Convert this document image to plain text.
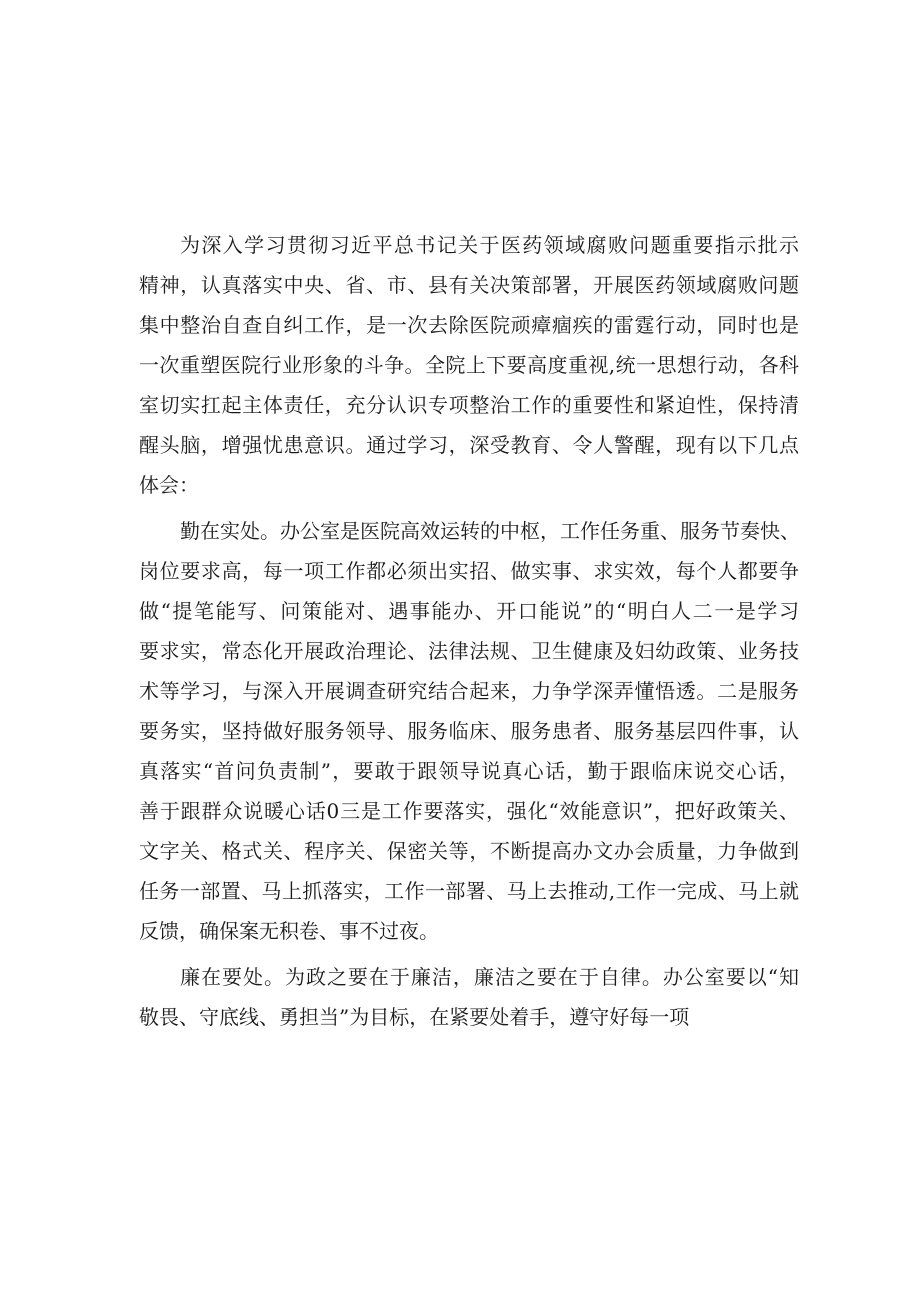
为深入学习贯彻习近平总书记关于医药领域腐败问题重要指示批示
精神，认真落实中央、省、市、县有关决策部署，开展医药领域腐败问题
集中整治自查自纠工作，是一次去除医院顽瘴痼疾的雷霆行动，同时也是
一次重塑医院行业形象的斗争。全院上下要高度重视,统一思想行动，各科
室切实扛起主体责任，充分认识专项整治工作的重要性和紧迫性，保持清
醒头脑，增强忧患意识。通过学习，深受教育、令人警醒，现有以下几点
体会：
勤在实处。办公室是医院高效运转的中枢，工作任务重、服务节奏快、
岗位要求高，每一项工作都必须出实招、做实事、求实效，每个人都要争
做“提笔能写、问策能对、遇事能办、开口能说”的“明白人二一是学习
要求实，常态化开展政治理论、法律法规、卫生健康及妇幼政策、业务技
术等学习，与深入开展调查研究结合起来，力争学深弄懂悟透。二是服务
要务实，坚持做好服务领导、服务临床、服务患者、服务基层四件事，认
真落实“首问负责制”，要敢于跟领导说真心话，勤于跟临床说交心话，
善于跟群众说暖心话0三是工作要落实，强化“效能意识”，把好政策关、
文字关、格式关、程序关、保密关等，不断提高办文办会质量，力争做到
任务一部置、马上抓落实，工作一部署、马上去推动,工作一完成、马上就
反馈，确保案无积卷、事不过夜。
廉在要处。为政之要在于廉洁，廉洁之要在于自律。办公室要以“知
敬畏、守底线、勇担当”为目标，在紧要处着手，遵守好每一项
